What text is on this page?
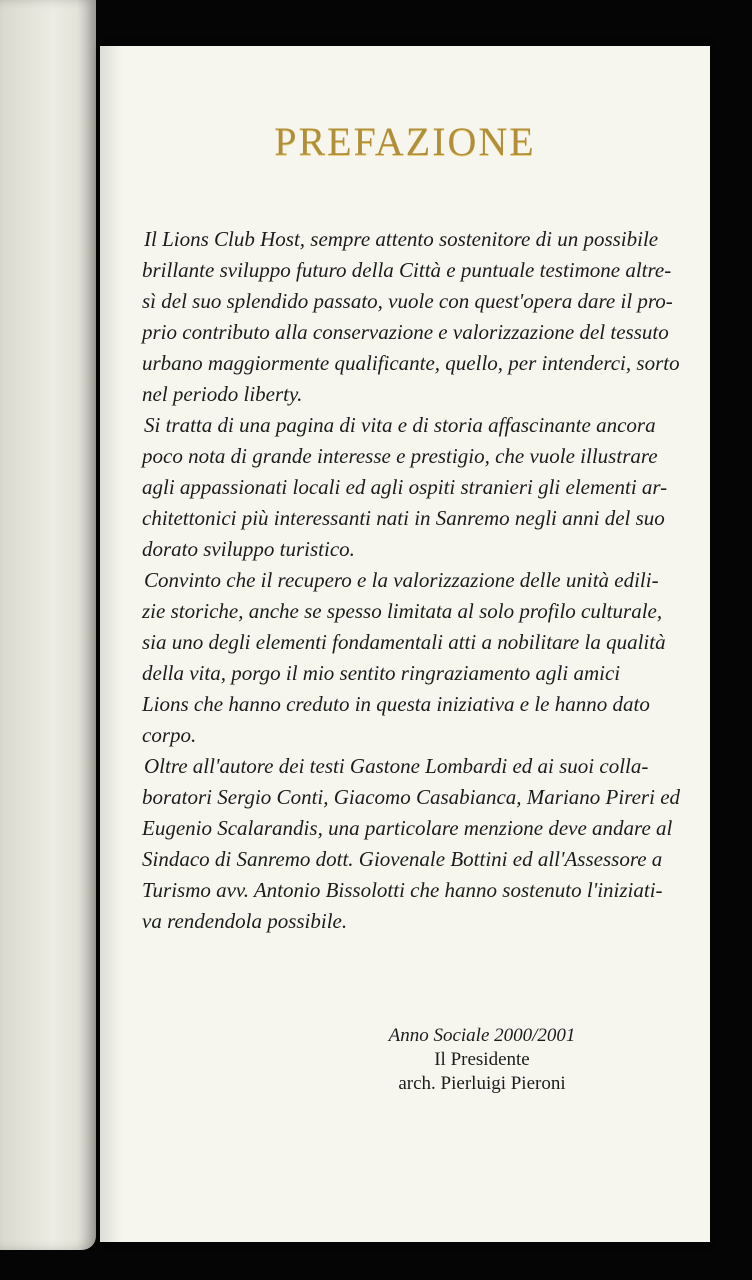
PREFAZIONE

Il Lions Club Host, sempre attento sostenitore di un possibile
brillante sviluppo futuro della Città e puntuale testimone altre-
sì del suo splendido passato, vuole con quest'opera dare il pro-
prio contributo alla conservazione e valorizzazione del tessuto
urbano maggiormente qualificante, quello, per intenderci, sorto
nel periodo liberty.

Si tratta di una pagina di vita e di storia affascinante ancora
poco nota di grande interesse e prestigio, che vuole illustrare
agli appassionati locali ed agli ospiti stranieri gli elementi ar-
chitettonici più interessanti nati in Sanremo negli anni del suo
dorato sviluppo turistico.

Convinto che il recupero e la valorizzazione delle unità edili-
zie storiche, anche se spesso limitata al solo profilo culturale,
sia uno degli elementi fondamentali atti a nobilitare la qualità
della vita, porgo il mio sentito ringraziamento agli amici
Lions che hanno creduto in questa iniziativa e le hanno dato
corpo.

Oltre all'autore dei testi Gastone Lombardi ed ai suoi colla-
boratori Sergio Conti, Giacomo Casabianca, Mariano Pireri ed
Eugenio Scalarandis, una particolare menzione deve andare al
Sindaco di Sanremo dott. Giovenale Bottini ed all'Assessore a
Turismo avv. Antonio Bissolotti che hanno sostenuto l'iniziati-
va rendendola possibile.

Anno Sociale 2000/2001
Il Presidente
arch. Pierluigi Pieroni
